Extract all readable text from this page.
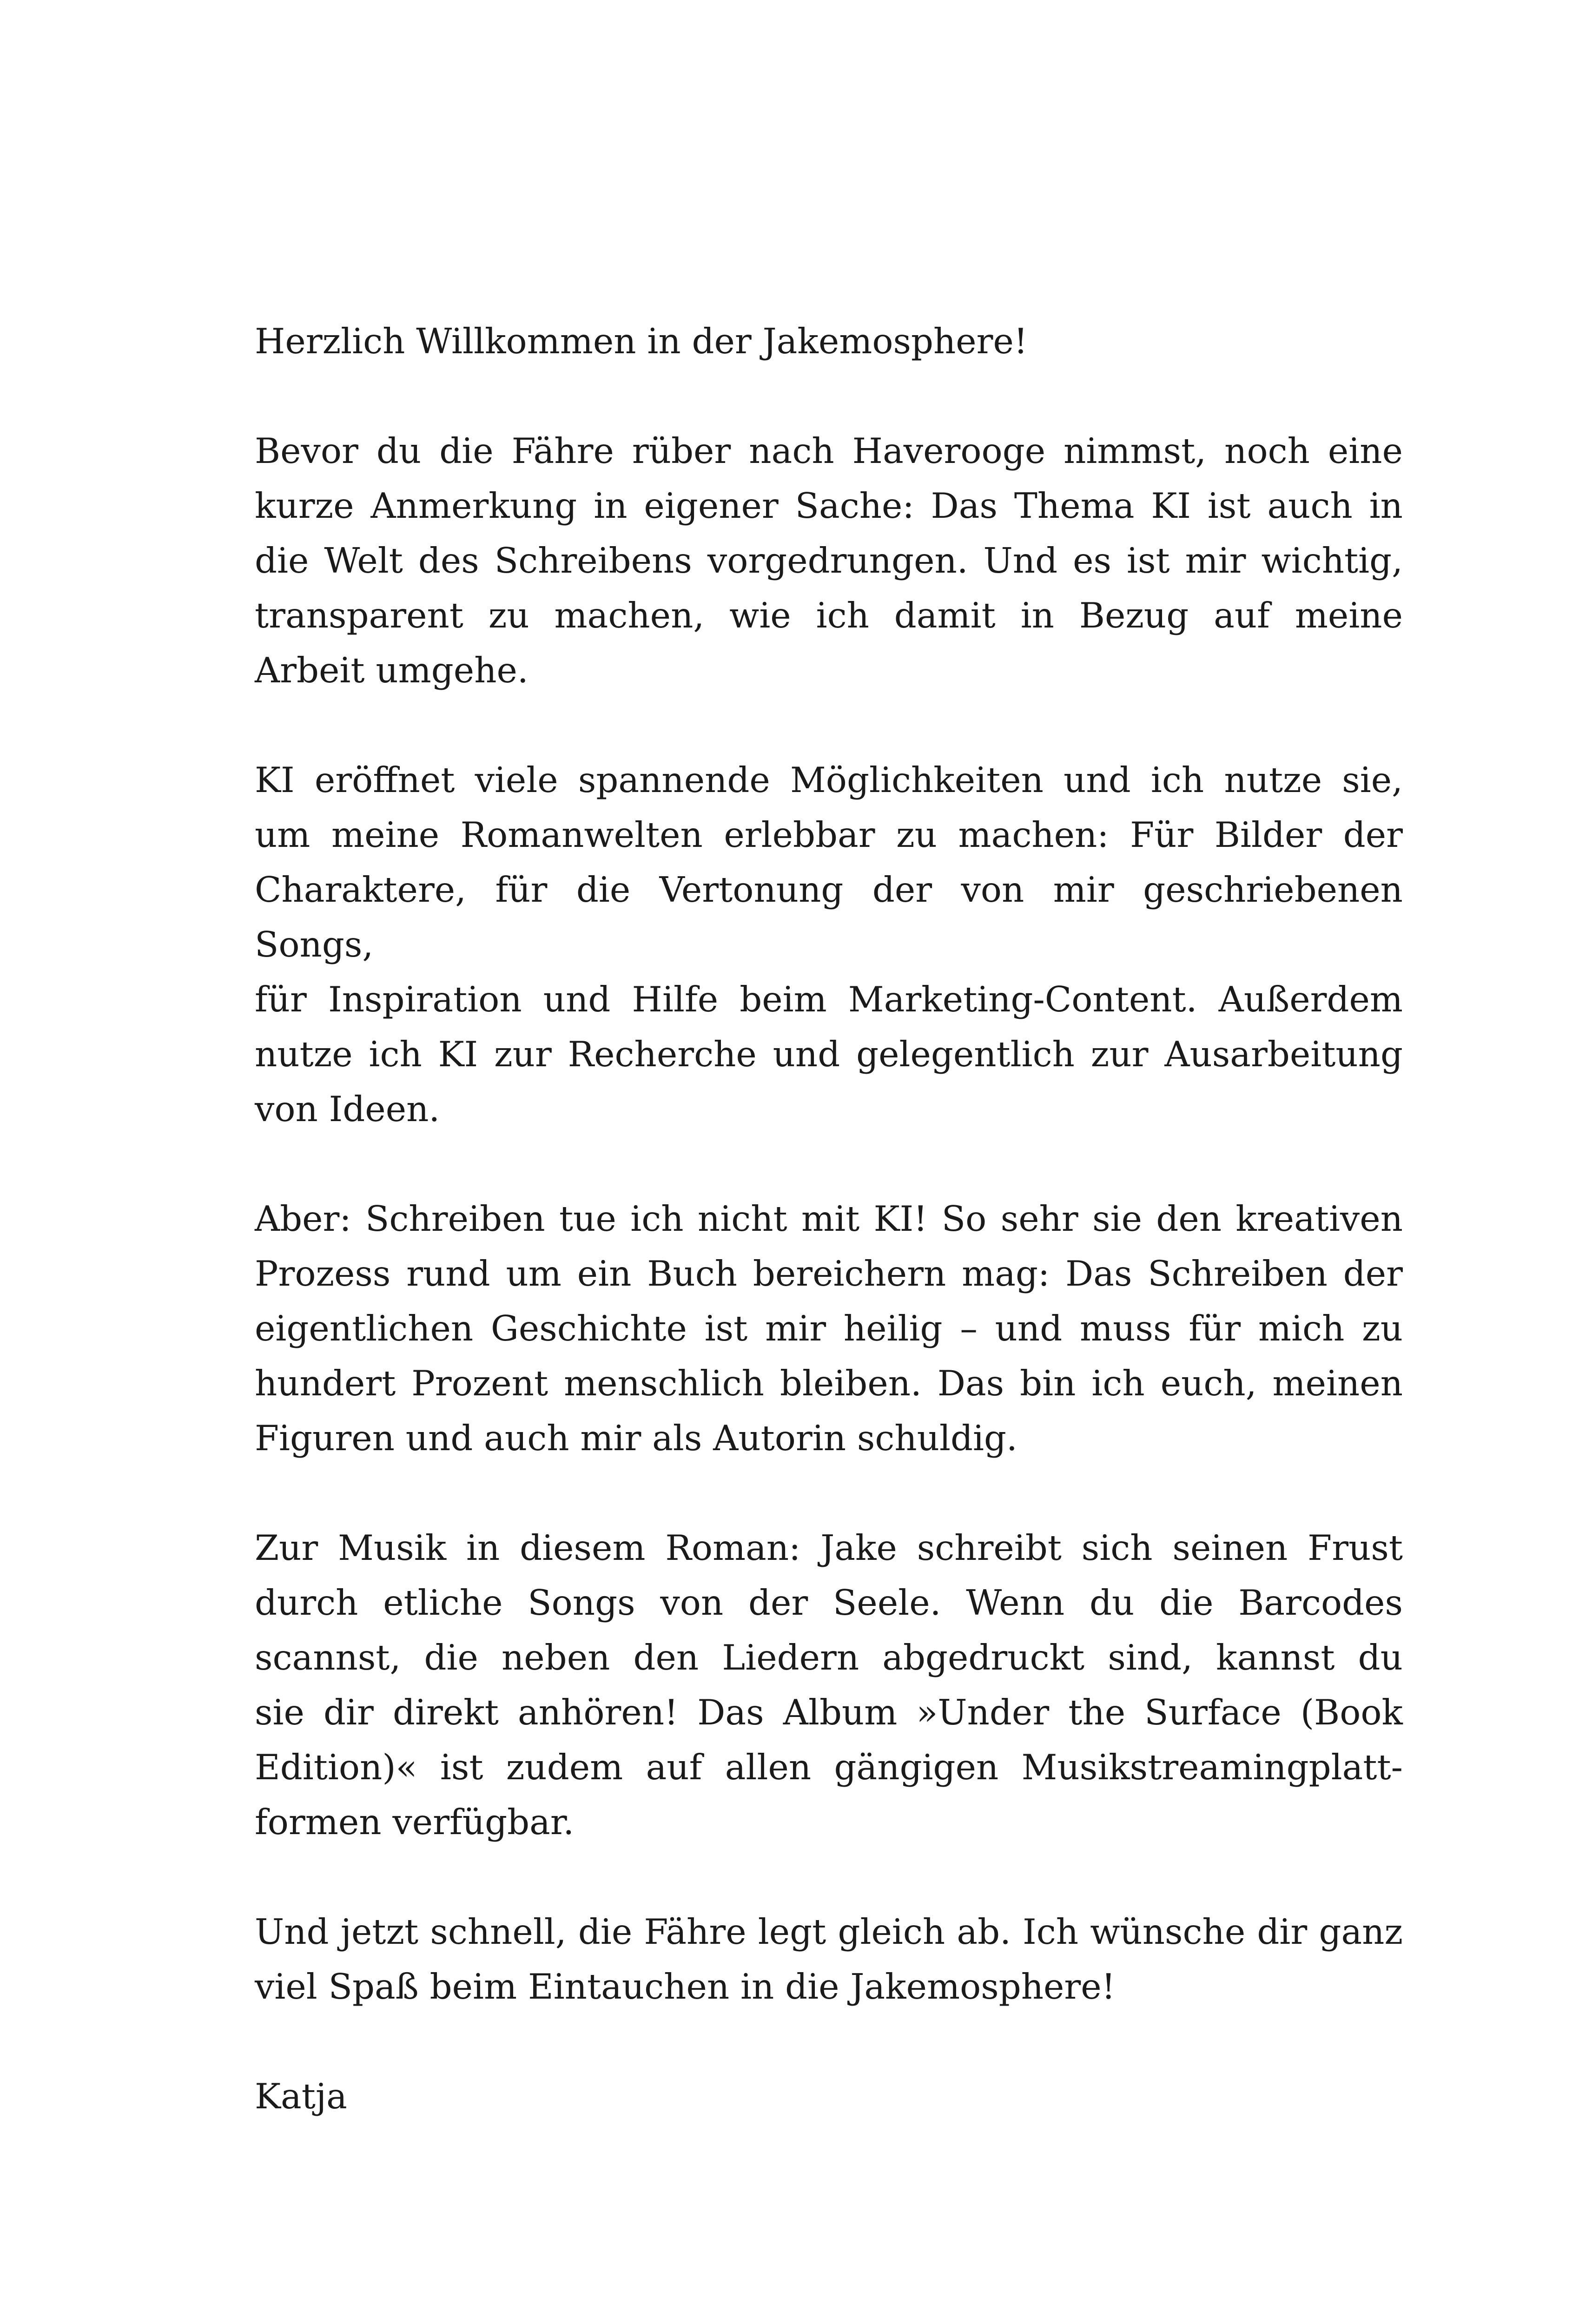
Herzlich Willkommen in der Jakemosphere!

Bevor du die Fähre rüber nach Haverooge nimmst, noch eine
kurze Anmerkung in eigener Sache: Das Thema KI ist auch in
die Welt des Schreibens vorgedrungen. Und es ist mir wichtig,
transparent zu machen, wie ich damit in Bezug auf meine
Arbeit umgehe.

KI eröffnet viele spannende Möglichkeiten und ich nutze sie,
um meine Romanwelten erlebbar zu machen: Für Bilder der
Charaktere, für die Vertonung der von mir geschriebenen Songs,
für Inspiration und Hilfe beim Marketing-Content. Außerdem
nutze ich KI zur Recherche und gelegentlich zur Ausarbeitung
von Ideen.

Aber: Schreiben tue ich nicht mit KI! So sehr sie den kreativen
Prozess rund um ein Buch bereichern mag: Das Schreiben der
eigentlichen Geschichte ist mir heilig – und muss für mich zu
hundert Prozent menschlich bleiben. Das bin ich euch, meinen
Figuren und auch mir als Autorin schuldig.

Zur Musik in diesem Roman: Jake schreibt sich seinen Frust
durch etliche Songs von der Seele. Wenn du die Barcodes
scannst, die neben den Liedern abgedruckt sind, kannst du
sie dir direkt anhören! Das Album »Under the Surface (Book
Edition)« ist zudem auf allen gängigen Musikstreamingplatt-
formen verfügbar.

Und jetzt schnell, die Fähre legt gleich ab. Ich wünsche dir ganz
viel Spaß beim Eintauchen in die Jakemosphere!

Katja
